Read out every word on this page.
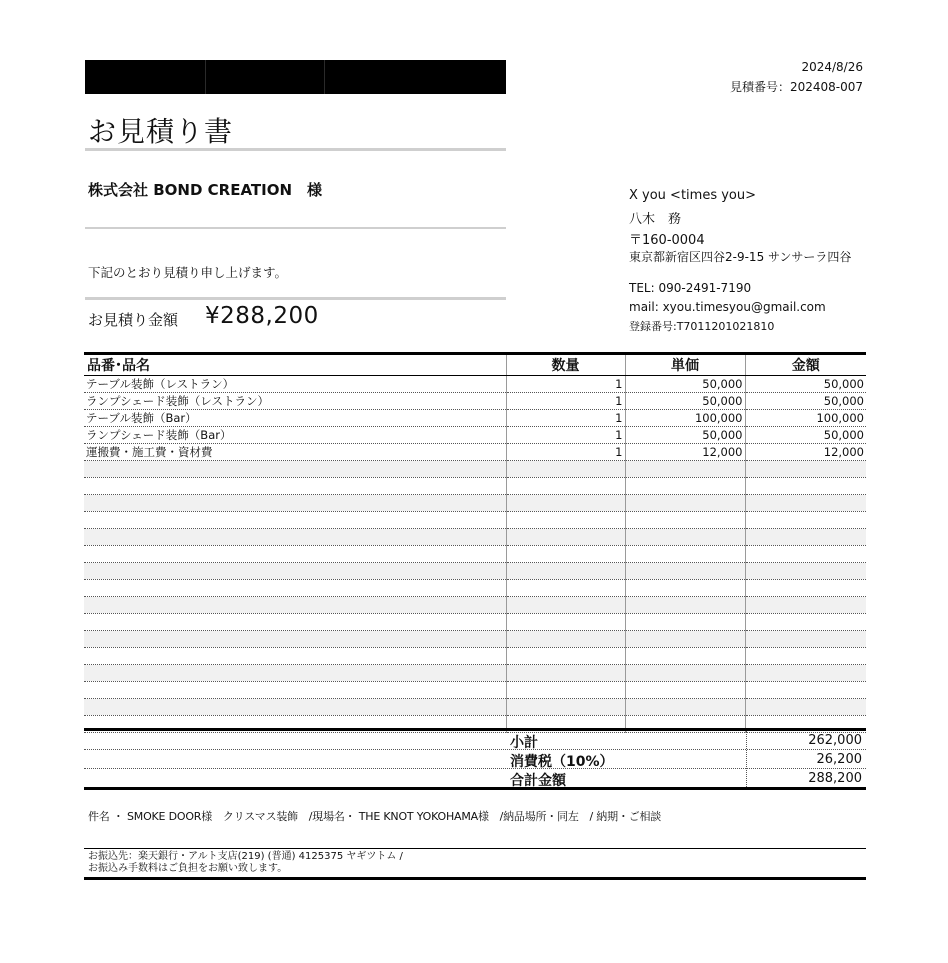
2024/8/26
見積番号：202408-007
お見積り書
株式会社 BOND CREATION　様
下記のとおり見積り申し上げます。
お見積り金額 ¥288,200
X you <times you>
八木　務
〒160-0004
東京都新宿区四谷2-9-15 サンサーラ四谷
TEL: 090-2491-7190
mail: xyou.timesyou@gmail.com
登録番号:T7011201021810
品番･品名	数量	単価	金額
テーブル装飾（レストラン）	1	50,000	50,000
ランプシェード装飾（レストラン）	1	50,000	50,000
テーブル装飾（Bar）	1	100,000	100,000
ランプシェード装飾（Bar）	1	50,000	50,000
運搬費・施工費・資材費	1	12,000	12,000

小計	262,000
消費税（10%）	26,200
合計金額	288,200
件名 ・ SMOKE DOOR様　クリスマス装飾　/現場名・ THE KNOT YOKOHAMA様　/納品場所・同左　/ 納期・ご相談
お振込先：楽天銀行・アルト支店(219) (普通) 4125375 ヤギツトム /
お振込み手数料はご負担をお願い致します。
